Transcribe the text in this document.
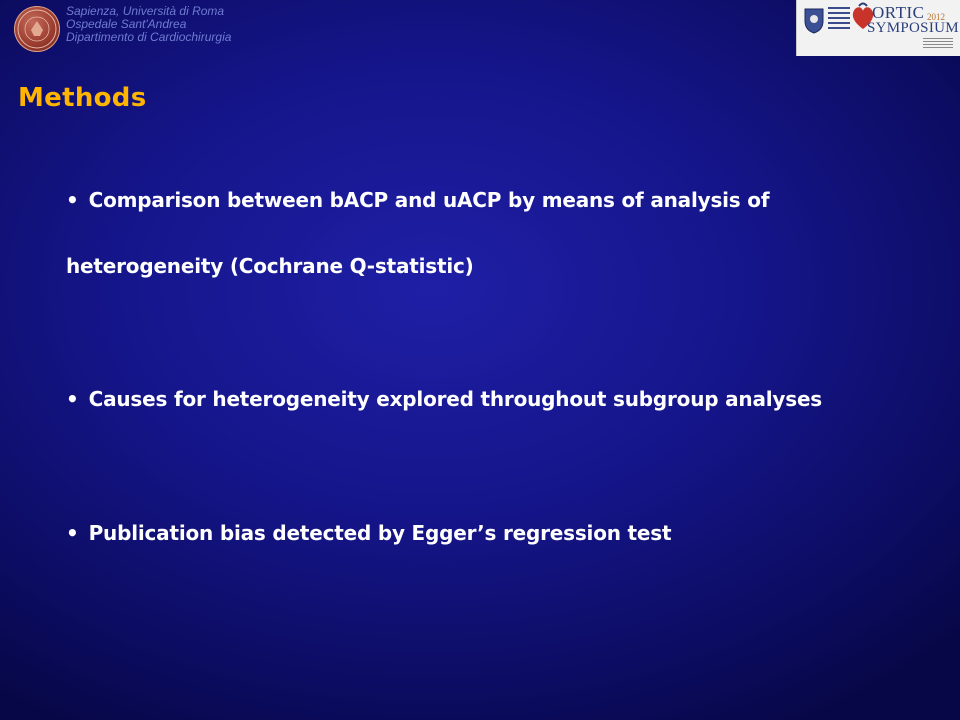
Sapienza, Università di Roma
Ospedale Sant'Andrea
Dipartimento di Cardiochirurgia
ORTIC
SYMPOSIUM
2012
Methods
• Comparison between bACP and uACP by means of analysis of heterogeneity (Cochrane Q-statistic)
• Causes for heterogeneity explored throughout subgroup analyses
• Publication bias detected by Egger’s regression test
